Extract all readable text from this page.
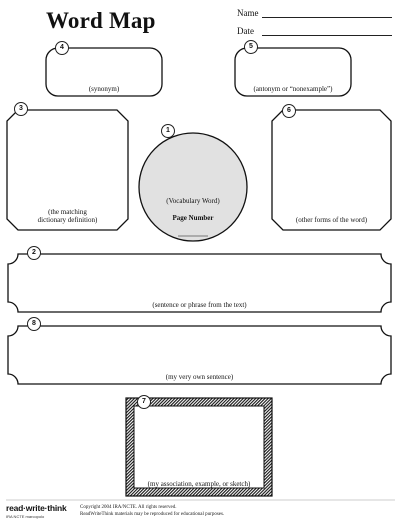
Word Map	Name
Date
4	5
3	6
1
2
8
7
(synonym)	(antonym or “nonexample”)
(the matching
dictionary definition)	(other forms of the word)
(Vocabulary Word)
Page Number
(sentence or phrase from the text)
(my very own sentence)
(my association, example, or sketch)
read·write·think
IRA NCTE marcopolo
Copyright 2004 IRA/NCTE. All rights reserved.
ReadWriteThink materials may be reproduced for educational purposes.
